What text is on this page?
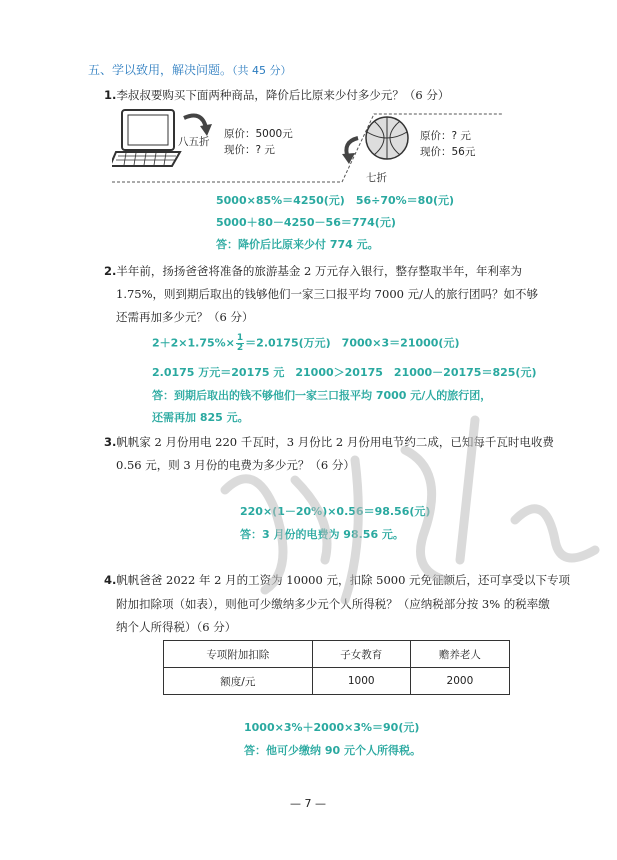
五、学以致用，解决问题。（共 45 分）
1.李叔叔要购买下面两种商品，降价后比原来少付多少元？（6 分）
八五折
原价：5000元
现价：? 元
七折
原价：? 元
现价：56元
5000×85%＝4250(元)　56÷70%＝80(元)
5000＋80－4250－56＝774(元)
答：降价后比原来少付 774 元。
2.半年前，扬扬爸爸将准备的旅游基金 2 万元存入银行，整存整取半年，年利率为
1.75%，则到期后取出的钱够他们一家三口报平均 7000 元/人的旅行团吗？如不够
还需再加多少元？（6 分）
$2+2\times 1.75\%\times \frac{1}{2} =2.0175$(万元)　7000×3＝21000(元)
2.0175 万元＝20175 元　21000＞20175　21000－20175＝825(元)
答：到期后取出的钱不够他们一家三口报平均 7000 元/人的旅行团，
还需再加 825 元。
3.帆帆家 2 月份用电 220 千瓦时，3 月份比 2 月份用电节约二成，已知每千瓦时电收费
0.56 元，则 3 月份的电费为多少元？（6 分）
220×(1－20%)×0.56＝98.56(元)
答：3 月份的电费为 98.56 元。
4.帆帆爸爸 2022 年 2 月的工资为 10000 元，扣除 5000 元免征额后，还可享受以下专项
附加扣除项（如表），则他可少缴纳多少元个人所得税？（应纳税部分按 3% 的税率缴
纳个人所得税）（6 分）
专项附加扣除	子女教育	赡养老人
额度/元	1000	2000
1000×3%＋2000×3%＝90(元)
答：他可少缴纳 90 元个人所得税。
— 7 —
